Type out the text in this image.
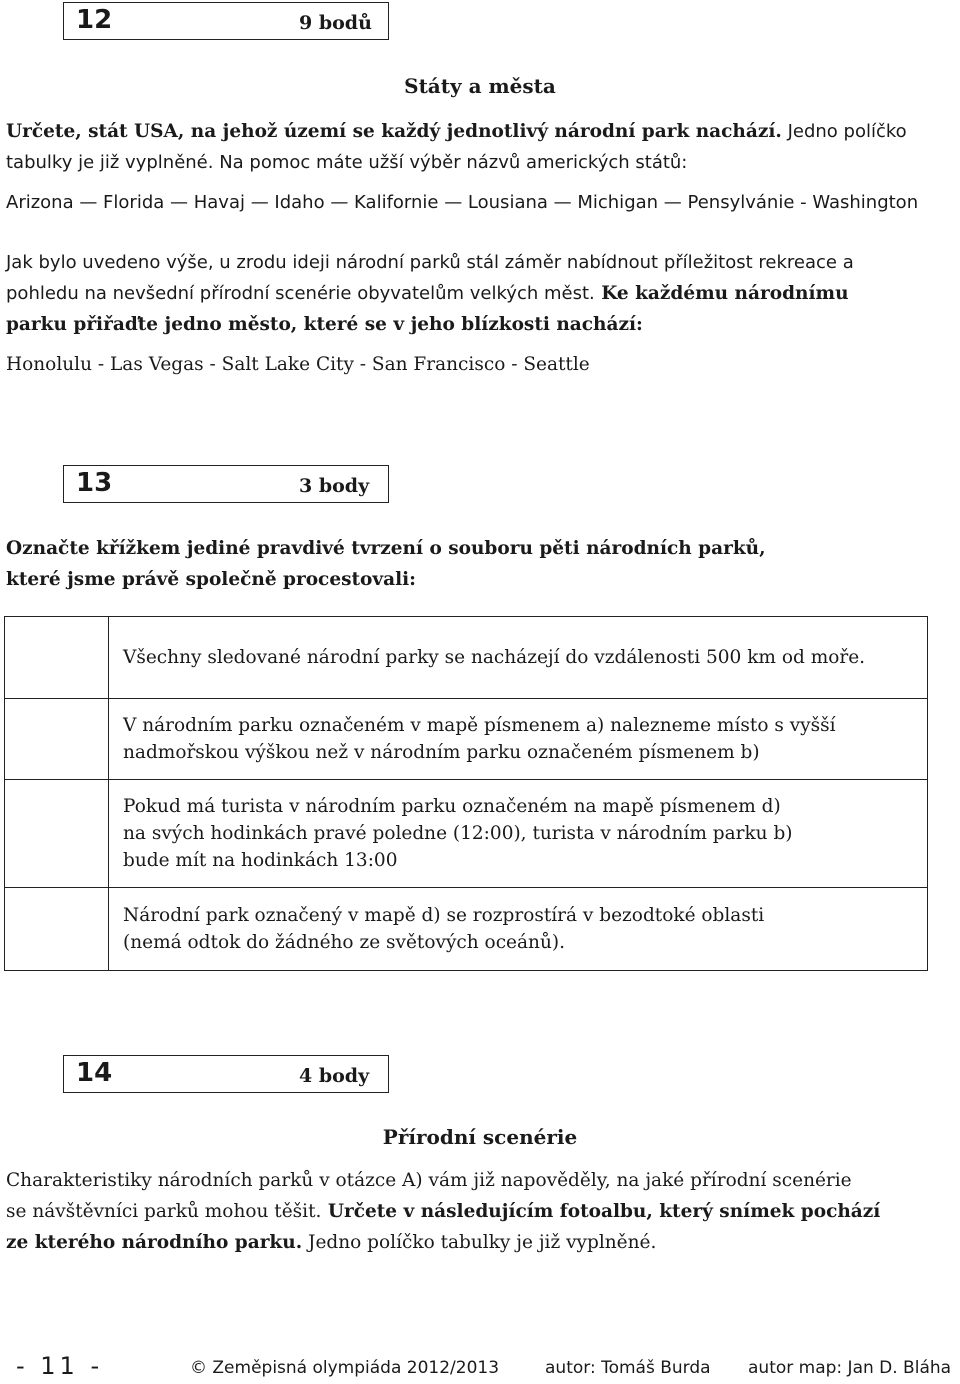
12	9 bodů
Státy a města
Určete, stát USA, na jehož území se každý jednotlivý národní park nachází. Jedno políčko
tabulky je již vyplněné. Na pomoc máte užší výběr názvů amerických států:
Arizona — Florida — Havaj — Idaho — Kalifornie — Lousiana — Michigan — Pensylvánie - Washington
Jak bylo uvedeno výše, u zrodu ideji národní parků stál záměr nabídnout příležitost rekreace a
pohledu na nevšední přírodní scenérie obyvatelům velkých měst. Ke každému národnímu
parku přiřaďte jedno město, které se v jeho blízkosti nachází:
Honolulu - Las Vegas - Salt Lake City - San Francisco - Seattle
13	3 body
Označte křížkem jediné pravdivé tvrzení o souboru pěti národních parků,
které jsme právě společně procestovali:

	Všechny sledované národní parky se nacházejí do vzdálenosti 500 km od moře.

	V národním parku označeném v mapě písmenem a) nalezneme místo s vyšší
nadmořskou výškou než v národním parku označeném písmenem b)

	Pokud má turista v národním parku označeném na mapě písmenem d)
na svých hodinkách pravé poledne (12:00), turista v národním parku b)
bude mít na hodinkách 13:00

	Národní park označený v mapě d) se rozprostírá v bezodtoké oblasti
(nemá odtok do žádného ze světových oceánů).
14	4 body
Přírodní scenérie
Charakteristiky národních parků v otázce A) vám již napověděly, na jaké přírodní scenérie
se návštěvníci parků mohou těšit. Určete v následujícím fotoalbu, který snímek pochází
ze kterého národního parku. Jedno políčko tabulky je již vyplněné.
- 11 -	© Zeměpisná olympiáda 2012/2013	autor: Tomáš Burda autor map: Jan D. Bláha
